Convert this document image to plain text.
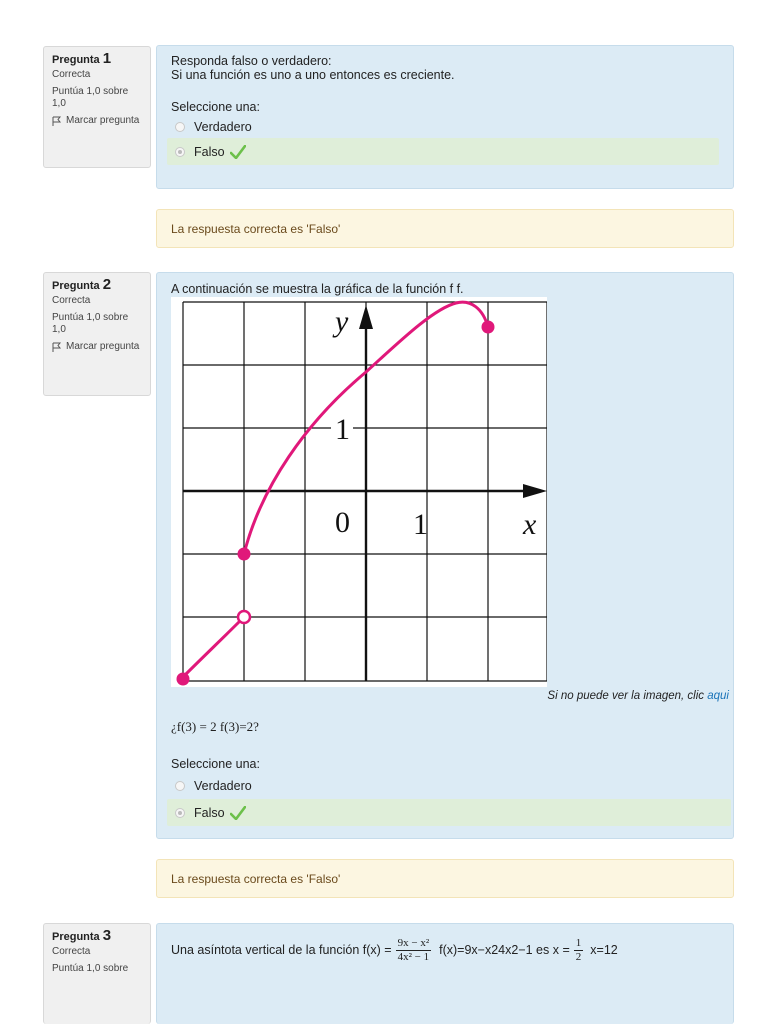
Pregunta 1
Correcta
Puntúa 1,0 sobre 1,0
Marcar pregunta
Responda falso o verdadero:
Si una función es uno a uno entonces es creciente.
Seleccione una:
Verdadero
Falso
La respuesta correcta es 'Falso'
Pregunta 2
Correcta
Puntúa 1,0 sobre 1,0
Marcar pregunta
A continuación se muestra la gráfica de la función f f.
y
1
0 1	x
Si no puede ver la imagen, clic aqui
¿f(3) = 2 f(3)=2?
Seleccione una:
Verdadero
Falso
La respuesta correcta es 'Falso'
Pregunta 3
Correcta
Puntúa 1,0 sobre
Una asíntota vertical de la función $f(x) = \frac{\text{9x − x²}}{\text{4x² − 1}} f(x)=9x-x24x2-1$ es $x = \frac{1}{2} x=12$
